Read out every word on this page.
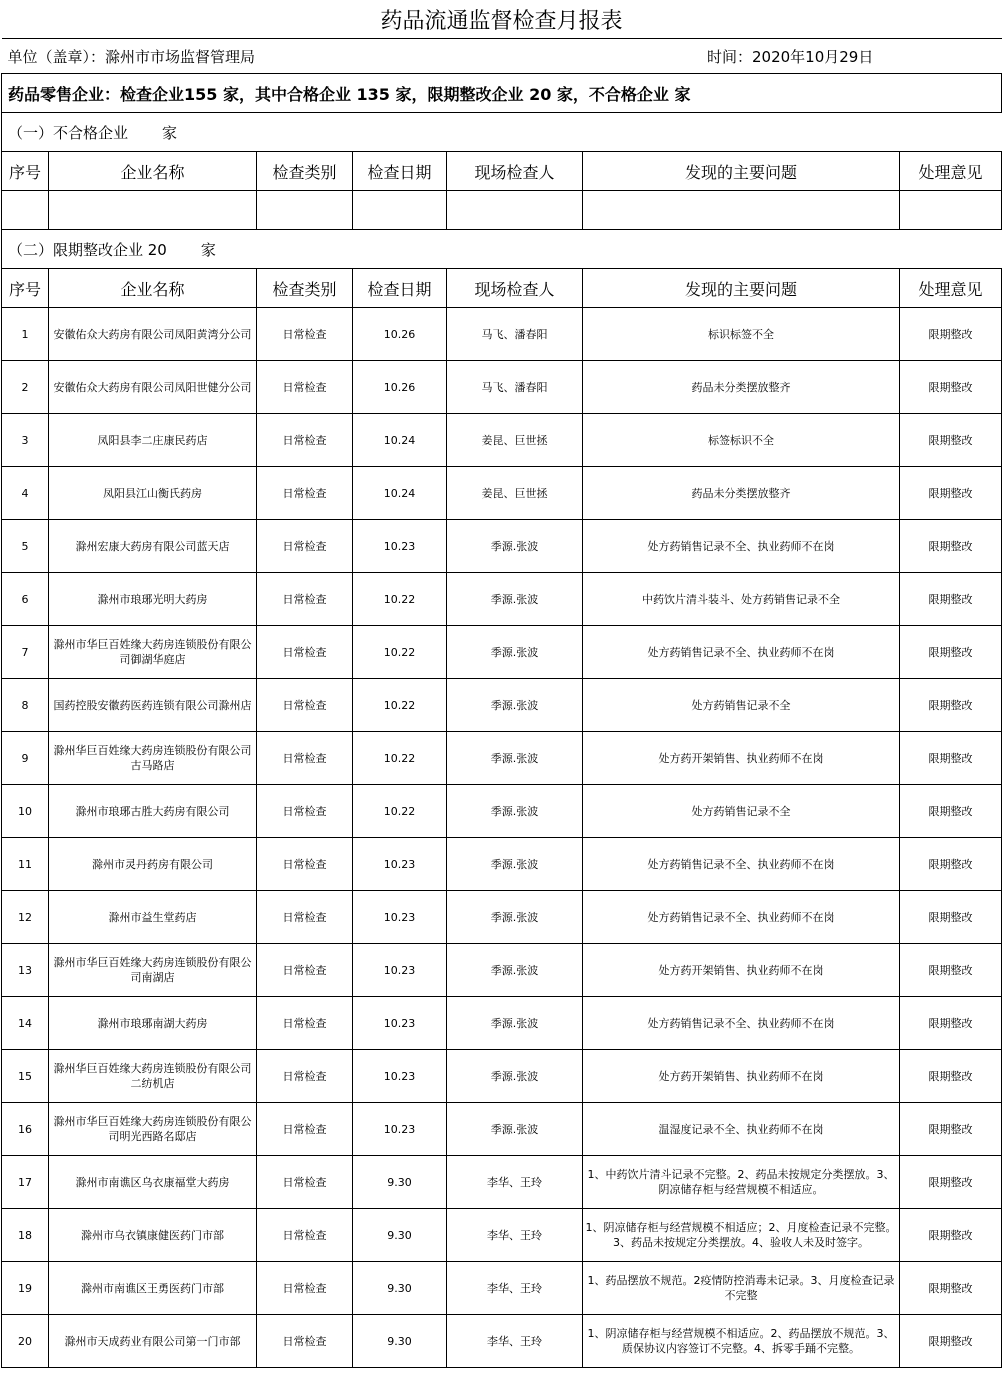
药品流通监督检查月报表						

单位（盖章）：滁州市市场监督管理局 时间：2020年10月29日						

药品零售企业：检查企业155 家，其中合格企业 135 家，限期整改企业 20 家，不合格企业 家						
（一）不合格企业 家						
序号	企业名称	检查类别	检查日期	现场检查人	发现的主要问题	处理意见

（二）限期整改企业 20 家						
序号	企业名称	检查类别	检查日期	现场检查人	发现的主要问题	处理意见
1	安徽佑众大药房有限公司凤阳黄湾分公司	日常检查	10.26	马飞、潘春阳	标识标签不全	限期整改
2	安徽佑众大药房有限公司凤阳世健分公司	日常检查	10.26	马飞、潘春阳	药品未分类摆放整齐	限期整改
3	凤阳县李二庄康民药店	日常检查	10.24	姜昆、巨世拯	标签标识不全	限期整改
4	凤阳县江山衡氏药房	日常检查	10.24	姜昆、巨世拯	药品未分类摆放整齐	限期整改
5	滁州宏康大药房有限公司蓝天店	日常检查	10.23	季源.张波	处方药销售记录不全、执业药师不在岗	限期整改
6	滁州市琅琊光明大药房	日常检查	10.22	季源.张波	中药饮片清斗装斗、处方药销售记录不全	限期整改
7	滁州市华巨百姓缘大药房连锁股份有限公司御湖华庭店	日常检查	10.22	季源.张波	处方药销售记录不全、执业药师不在岗	限期整改
8	国药控股安徽药医药连锁有限公司滁州店	日常检查	10.22	季源.张波	处方药销售记录不全	限期整改
9	滁州华巨百姓缘大药房连锁股份有限公司古马路店	日常检查	10.22	季源.张波	处方药开架销售、执业药师不在岗	限期整改
10	滁州市琅琊古胜大药房有限公司	日常检查	10.22	季源.张波	处方药销售记录不全	限期整改
11	滁州市灵丹药房有限公司	日常检查	10.23	季源.张波	处方药销售记录不全、执业药师不在岗	限期整改
12	滁州市益生堂药店	日常检查	10.23	季源.张波	处方药销售记录不全、执业药师不在岗	限期整改
13	滁州市华巨百姓缘大药房连锁股份有限公司南湖店	日常检查	10.23	季源.张波	处方药开架销售、执业药师不在岗	限期整改
14	滁州市琅琊南湖大药房	日常检查	10.23	季源.张波	处方药销售记录不全、执业药师不在岗	限期整改
15	滁州华巨百姓缘大药房连锁股份有限公司二纺机店	日常检查	10.23	季源.张波	处方药开架销售、执业药师不在岗	限期整改
16	滁州市华巨百姓缘大药房连锁股份有限公司明光西路名邸店	日常检查	10.23	季源.张波	温湿度记录不全、执业药师不在岗	限期整改
17	滁州市南谯区乌衣康福堂大药房	日常检查	9.30	李华、王玲	1、中药饮片清斗记录不完整。2、药品未按规定分类摆放。3、阴凉储存柜与经营规模不相适应。	限期整改
18	滁州市乌衣镇康健医药门市部	日常检查	9.30	李华、王玲	1、阴凉储存柜与经营规模不相适应；2、月度检查记录不完整。3、药品未按规定分类摆放。4、验收人未及时签字。	限期整改
19	滁州市南谯区王勇医药门市部	日常检查	9.30	李华、王玲	1、药品摆放不规范。2疫情防控消毒未记录。3、月度检查记录不完整	限期整改
20	滁州市天成药业有限公司第一门市部	日常检查	9.30	李华、王玲	1、阴凉储存柜与经营规模不相适应。2、药品摆放不规范。3、质保协议内容签订不完整。4、拆零手踊不完整。	限期整改
